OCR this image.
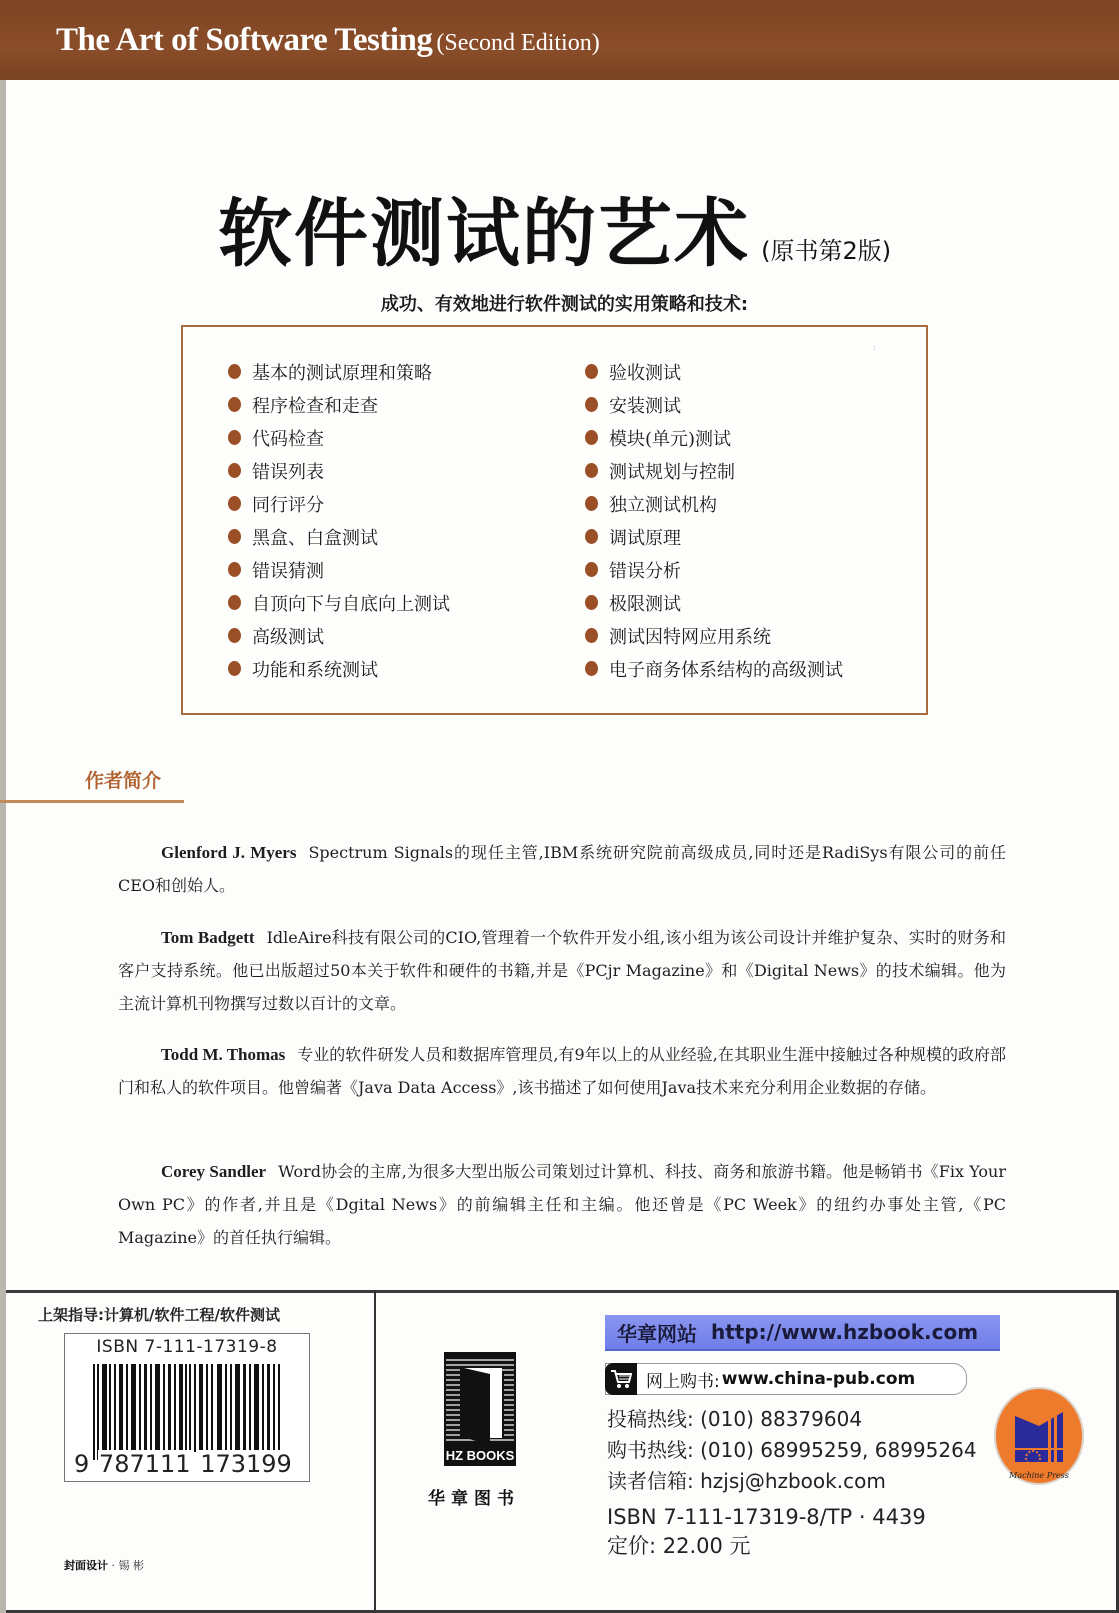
The Art of Software Testing (Second Edition)
软件测试的艺术 (原书第2版)
成功、有效地进行软件测试的实用策略和技术:
:
基本的测试原理和策略
程序检查和走查
代码检查
错误列表
同行评分
黑盒、白盒测试
错误猜测
自顶向下与自底向上测试
高级测试
功能和系统测试
验收测试
安装测试
模块(单元)测试
测试规划与控制
独立测试机构
调试原理
错误分析
极限测试
测试因特网应用系统
电子商务体系结构的高级测试
作者简介

Glenford J. Myers Spectrum Signals的现任主管,IBM系统研究院前高级成员,同时还是RadiSys有限公司的前任CEO和创始人。

Tom Badgett IdleAire科技有限公司的CIO,管理着一个软件开发小组,该小组为该公司设计并维护复杂、实时的财务和客户支持系统。他已出版超过50本关于软件和硬件的书籍,并是《PCjr Magazine》和《Digital News》的技术编辑。他为主流计算机刊物撰写过数以百计的文章。

Todd M. Thomas 专业的软件研发人员和数据库管理员,有9年以上的从业经验,在其职业生涯中接触过各种规模的政府部门和私人的软件项目。他曾编著《Java Data Access》,该书描述了如何使用Java技术来充分利用企业数据的存储。

Corey Sandler Word协会的主席,为很多大型出版公司策划过计算机、科技、商务和旅游书籍。他是畅销书《Fix Your Own PC》的作者,并且是《Dgital News》的前编辑主任和主编。他还曾是《PC Week》的纽约办事处主管,《PC Magazine》的首任执行编辑。

上架指导:计算机/软件工程/软件测试
ISBN 7-111-17319-8
9 787111 173199
封面设计 · 锡 彬
HZ BOOKS
华章图书
华章网站 http://www.hzbook.com
网上购书: www.china-pub.com
投稿热线: (010) 88379604
购书热线: (010) 68995259, 68995264
读者信箱: hzjsj@hzbook.com
ISBN 7-111-17319-8/TP · 4439
定价: 22.00 元
Machine Press
